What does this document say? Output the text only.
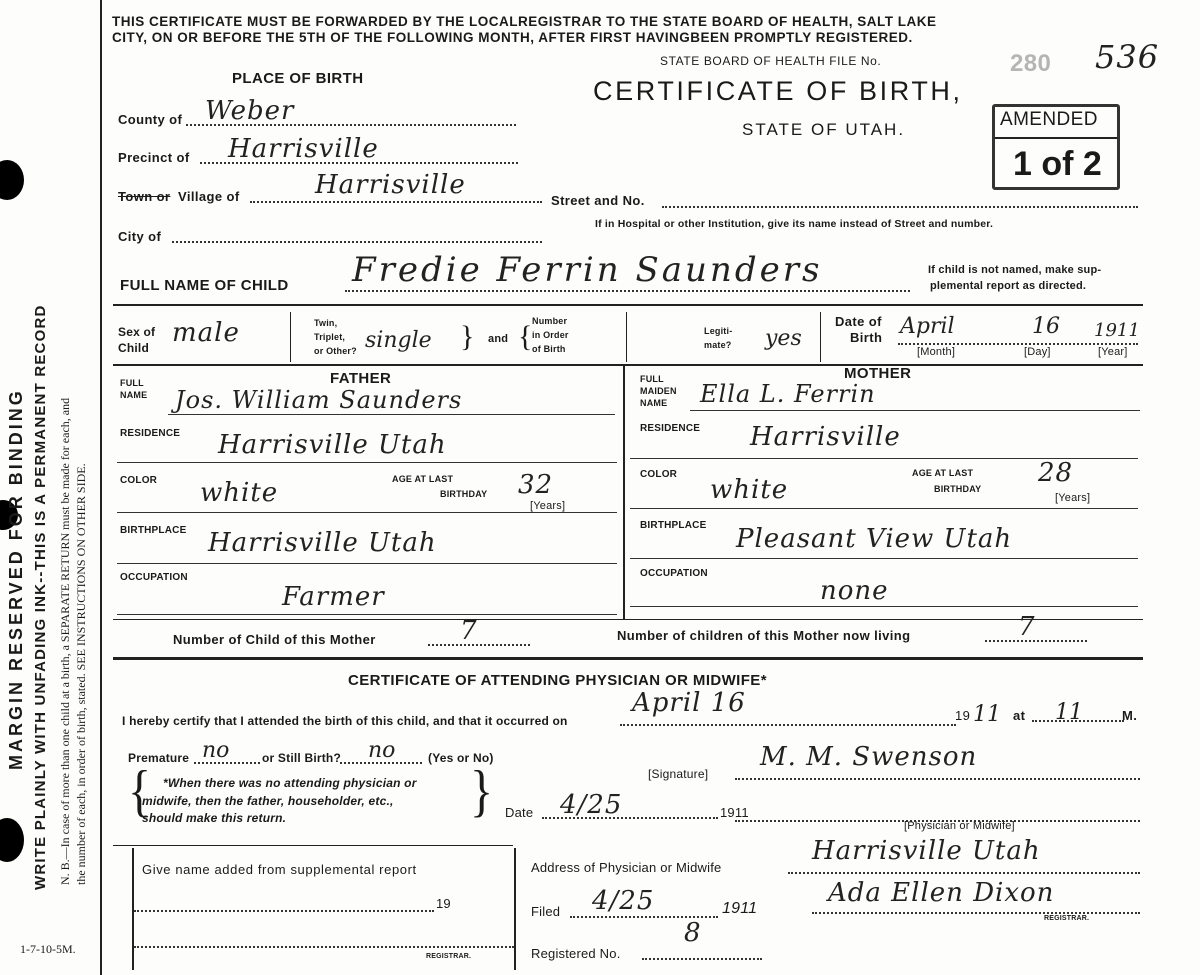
MARGIN RESERVED FOR BINDING WRITE PLAINLY WITH UNFADING INK--THIS IS A PERMANENT RECORD N. B.—In case of more than one child at a birth, a SEPARATE RETURN must be made for each, and the number of each, in order of birth, stated. SEE INSTRUCTIONS ON OTHER SIDE.
1-7-10-5M.
THIS CERTIFICATE MUST BE FORWARDED BY THE LOCALREGISTRAR TO THE STATE BOARD OF HEALTH, SALT LAKE
CITY, ON OR BEFORE THE 5TH OF THE FOLLOWING MONTH, AFTER FIRST HAVINGBEEN PROMPTLY REGISTERED.
STATE BOARD OF HEALTH FILE No.	280 536
CERTIFICATE OF BIRTH,
STATE OF UTAH.	AMENDED
1 of 2
PLACE OF BIRTH
County of Weber
Precinct of Harrisville
Town or Village of	Harrisville
Street and No.
If in Hospital or other Institution, give its name instead of Street and number.
City of
FULL NAME OF CHILD Fredie Ferrin Saunders	If child is not named, make sup-
plemental report as directed.
Sex of
Child male	Twin,
Triplet,
or Other? single } and { Number
in Order
of Birth
Legiti-
mate? yes
Date of
Birth April	16 1911
[Month]	[Day]	[Year]
FATHER
FULL
NAME Jos. William Saunders
RESIDENCE Harrisville Utah
COLOR white	AGE AT LAST
BIRTHDAY 32
[Years]
BIRTHPLACE Harrisville Utah
OCCUPATION
Farmer
MOTHER
FULL
MAIDEN
NAME Ella L. Ferrin
RESIDENCE Harrisville
COLOR
white
AGE AT LAST
BIRTHDAY
28
[Years]
BIRTHPLACE Pleasant View Utah
OCCUPATION
none
Number of Child of this Mother	7	Number of children of this Mother now living	7
CERTIFICATE OF ATTENDING PHYSICIAN OR MIDWIFE*
I hereby certify that I attended the birth of this child, and that it occurred on
April 16	19 11 at 11	M.
Premature no	or Still Birth? no	(Yes or No)
{ *When there was no attending physician or
midwife, then the father, householder, etc.,
should make this return.	}	[Signature]
M. M. Swenson
Date 4/25	1911
[Physician or Midwife]
Address of Physician or Midwife
Harrisville Utah
Give name added from supplemental report
19
REGISTRAR.
Filed 4/25	1911
Ada Ellen Dixon
REGISTRAR.
Registered No.
8
